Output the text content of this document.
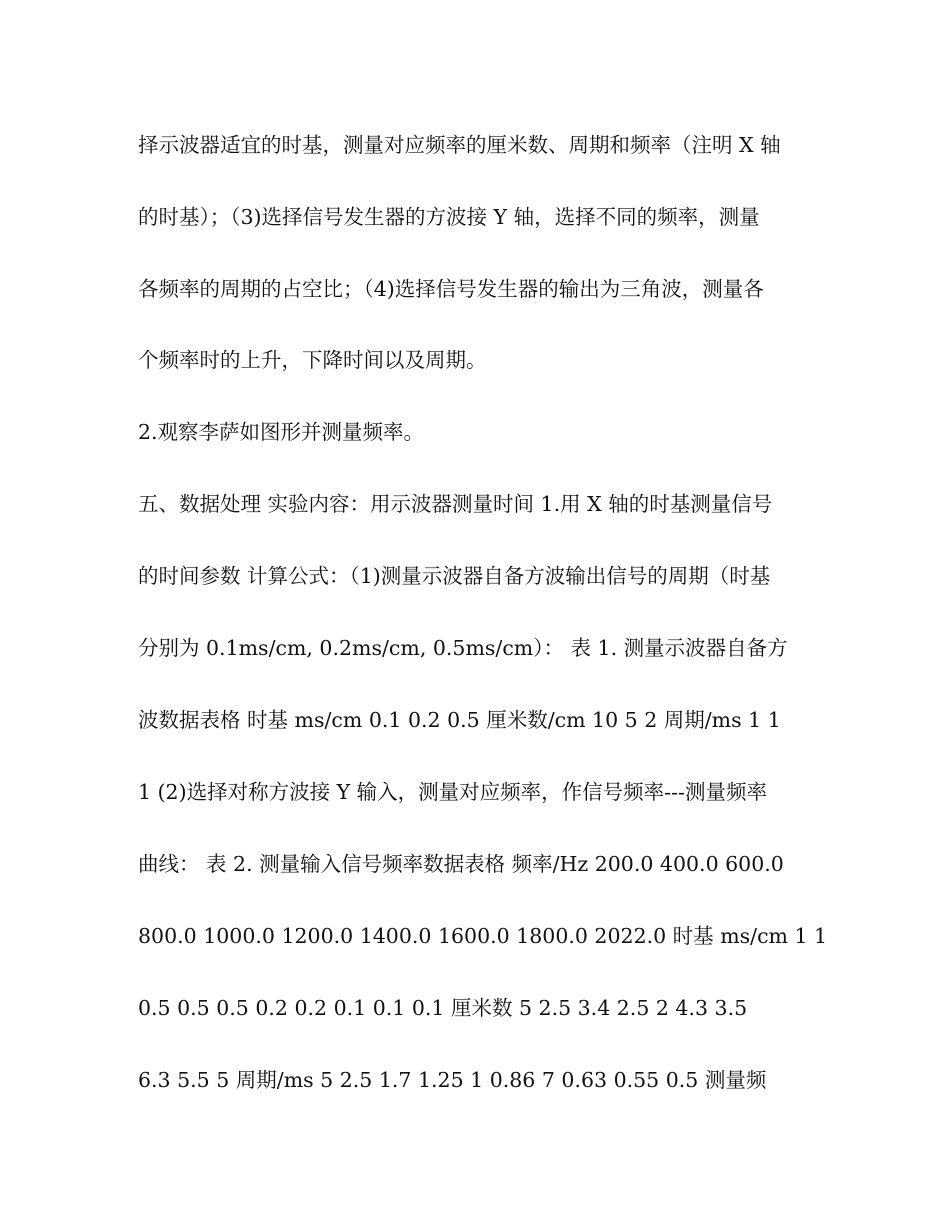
择示波器适宜的时基，测量对应频率的厘米数、周期和频率（注明 X 轴
的时基）；（3)选择信号发生器的方波接 Y 轴，选择不同的频率，测量
各频率的周期的占空比；（4)选择信号发生器的输出为三角波，测量各
个频率时的上升，下降时间以及周期。
2.观察李萨如图形并测量频率。
五、数据处理 实验内容：用示波器测量时间 1.用 X 轴的时基测量信号
的时间参数 计算公式：（1)测量示波器自备方波输出信号的周期（时基
分别为 0.1ms/cm, 0.2ms/cm, 0.5ms/cm）： 表 1. 测量示波器自备方
波数据表格 时基 ms/cm 0.1 0.2 0.5 厘米数/cm 10 5 2 周期/ms 1 1
1 (2)选择对称方波接 Y 输入，测量对应频率，作信号频率---测量频率
曲线： 表 2. 测量输入信号频率数据表格 频率/Hz 200.0 400.0 600.0
800.0 1000.0 1200.0 1400.0 1600.0 1800.0 2022.0 时基 ms/cm 1 1
0.5 0.5 0.5 0.2 0.2 0.1 0.1 0.1 厘米数 5 2.5 3.4 2.5 2 4.3 3.5
6.3 5.5 5 周期/ms 5 2.5 1.7 1.25 1 0.86 7 0.63 0.55 0.5 测量频
